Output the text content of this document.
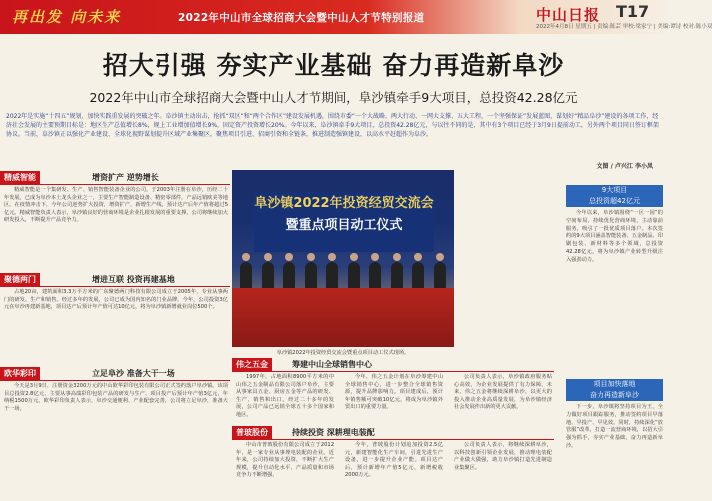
再出发 向未来	2022年中山市全球招商大会暨中山人才节特别报道	中山日报 T17
2022年4月8日 星期五 | 责编:陈芸 审校:梁家宁 | 美编:谭诗 校对:陈小双
招大引强 夯实产业基础 奋力再造新阜沙
2022年中山市全球招商大会暨中山人才节期间，阜沙镇牵手9大项目，总投资42.28亿元
2022年是实施“十四五”规划、加快实践重发展的突破之年。阜沙镇主动出击，抢抓“双区”和“两个合作区”建设发展机遇，围绕市委“一个大战略、两大行动、一网大支撑、五大工程，一个坚强保证”发展蓝图，谋划好“精品阜沙”建设的各项工作，经济社会发展的主要预期目标是：地区生产总值增长8%，规上工业增加值增长9%，固定资产投资增长20%。今年以来，阜沙镇牵手9大项目，总投资42.28亿元，与以往不同的是，其中有3个项目已经于3月9日提前动工，另外两个项目同日签订框架协议。当前，阜沙镇正以强化产业建设、全球化视野谋划提升区域产业集聚区，聚焦项目引进、招商引资和全链条，推进制造强镇建设，以高水平赶超作为阜沙。
文图 / 卢兴江 李小凤
精威智能	增资扩产 逆势增长
精威智能是一个集研发、生产、销售智能装备企业的公司，于2003年注册在阜沙，历经二十年发展，已成为阜沙本土龙头企业之一，主要生产智能制造设备、精密零部件，产品远销欧美等地区。在疫情冲击下，今年公司逆势扩大投资，增资扩产，新增生产线，预计达产后年产值将超过5亿元。精威智能负责人表示，阜沙镇良好的营商环境是企业扎根发展的重要支撑，公司将继续加大研发投入，不断提升产品竞争力。
聚德两门	增进互联 投资再建基地
占地20亩，建筑面积3.3万平方米的广东聚德两门科技有限公司成立于2005年，专业从事两门的研发、生产和销售。经过多年的发展，公司已成为国内知名的门业品牌。今年，公司投资3亿元在阜沙再建新基地，项目达产后预计年产值可达10亿元，将为阜沙镇新增就业岗位500个。
欧华彩印	立足阜沙 准备大干一场
今天是3月9日，注册资金3200万元的中山欧华彩印包装有限公司正式签约落户阜沙镇。该项目总投资2.8亿元，主要从事高端彩印包装产品的研发与生产，项目投产后预计年产值3亿元，年纳税1500万元。欧华彩印负责人表示，阜沙交通便利、产业配套完善，公司将立足阜沙，准备大干一场。
阜沙镇2022年投资经贸交流会
暨重点项目动工仪式
阜沙镇2022年投资经贸交流会暨重点项目动工仪式现场。
伟之五金	筹建中山全球销售中心
1997年，占地面积8900平方米的中山伟之五金制品有限公司落户阜沙，主要从事家具五金、厨房五金等产品的研发、生产、销售和出口。经过二十多年的发展，公司产品已远销全球五十多个国家和地区。
今年，伟之五金计划在阜沙筹建中山全球销售中心，进一步整合全球销售资源，提升品牌影响力。项目建成后，预计年销售额可突破10亿元，将成为阜沙镇外贸出口的重要力量。
公司负责人表示，阜沙镇政府服务贴心高效，为企业发展提供了有力保障。未来，伟之五金将继续深耕阜沙，以更大的投入推动企业高质量发展，为阜沙镇经济社会发展作出新的更大贡献。
普玻股份	持续投资 深耕理电装配
中山市普玻股份有限公司成立于2012年，是一家专业从事理电装配的企业。近年来，公司持续加大投资，不断扩大生产规模，提升自动化水平，产品质量和市场竞争力不断增强。
今年，普玻股份计划追加投资2.5亿元，新建智能化生产车间，引进先进生产设备，进一步提升企业产能。项目达产后，预计新增年产值5亿元，新增税收2000万元。
公司负责人表示，将继续深耕阜沙，以科技创新引领企业发展，推动理电装配产业做大做强，助力阜沙镇打造先进制造业集聚区。
9大项目
总投资超42亿元
今年以来，阜沙镇围绕“一区一园”的空间布局，持续优化营商环境，主动靠前服务，吸引了一批优质项目落户。本次签约的9大项目涵盖智能装备、五金制品、印刷包装、新材料等多个领域，总投资42.28亿元，将为阜沙镇产业转型升级注入强劲动力。
项目加快落地
奋力再造新阜沙
下一步，阜沙镇将坚持项目为王，全力做好项目跟踪服务，推动签约项目早落地、早投产、早见效。同时，持续深化“放管服”改革，打造一流营商环境，以招大引强为抓手，夯实产业基础，奋力再造新阜沙。
